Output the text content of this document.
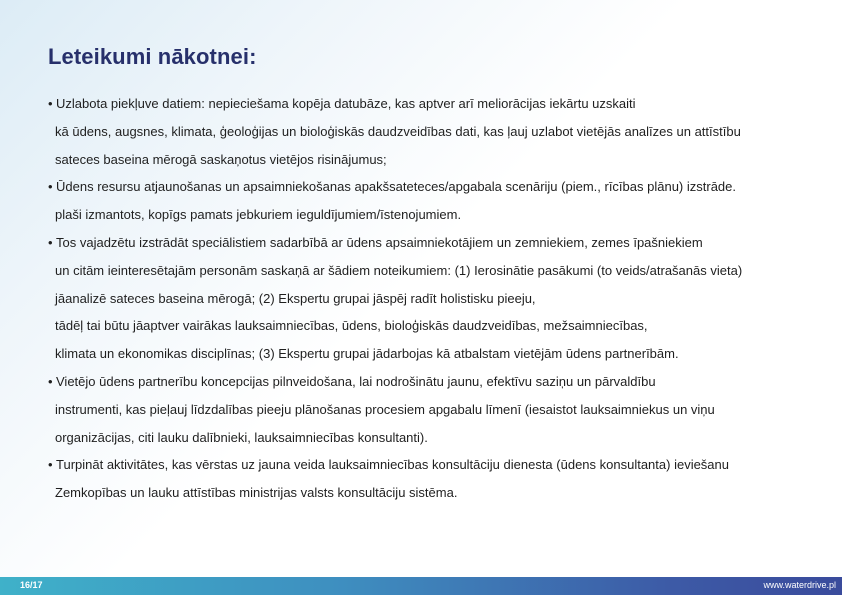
Leteikumi nākotnei:
• Uzlabota piekļuve datiem: nepieciešama kopēja datubāze, kas aptver arī meliorācijas iekārtu uzskaiti
kā ūdens, augsnes, klimata, ģeoloģijas un bioloģiskās daudzveidības dati, kas ļauj uzlabot vietējās analīzes un attīstību
sateces baseina mērogā saskaņotus vietējos risinājumus;
• Ūdens resursu atjaunošanas un apsaimniekošanas apakšsateteces/apgabala scenāriju (piem., rīcības plānu) izstrāde.
plaši izmantots, kopīgs pamats jebkuriem ieguldījumiem/īstenojumiem.
• Tos vajadzētu izstrādāt speciālistiem sadarbībā ar ūdens apsaimniekotājiem un zemniekiem, zemes īpašniekiem
un citām ieinteresētajām personām saskaņā ar šādiem noteikumiem: (1) Ierosinātie pasākumi (to veids/atrašanās vieta)
jāanalizē sateces baseina mērogā; (2) Ekspertu grupai jāspēj radīt holistisku pieeju,
tādēļ tai būtu jāaptver vairākas lauksaimniecības, ūdens, bioloģiskās daudzveidības, mežsaimniecības,
klimata un ekonomikas disciplīnas; (3) Ekspertu grupai jādarbojas kā atbalstam vietējām ūdens partnerībām.
• Vietējo ūdens partnerību koncepcijas pilnveidošana, lai nodrošinātu jaunu, efektīvu saziņu un pārvaldību
instrumenti, kas pieļauj līdzdalības pieeju plānošanas procesiem apgabalu līmenī (iesaistot lauksaimniekus un viņu
organizācijas, citi lauku dalībnieki, lauksaimniecības konsultanti).
• Turpināt aktivitātes, kas vērstas uz jauna veida lauksaimniecības konsultāciju dienesta (ūdens konsultanta) ieviešanu
Zemkopības un lauku attīstības ministrijas valsts konsultāciju sistēma.
16/17	www.waterdrive.pl
